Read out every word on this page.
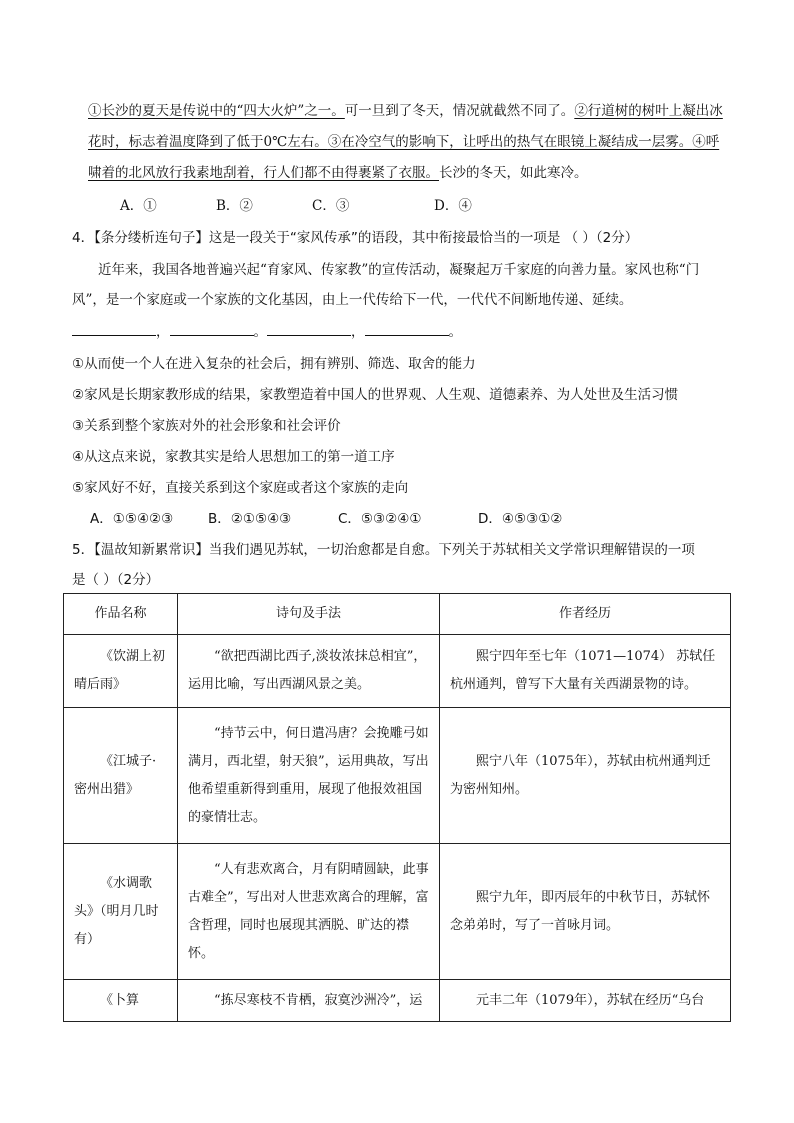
①长沙的夏天是传说中的“四大火炉”之一。可一旦到了冬天，情况就截然不同了。②行道树的树叶上凝出冰花时，标志着温度降到了低于0℃左右。③在冷空气的影响下，让呼出的热气在眼镜上凝结成一层雾。④呼啸着的北风放行我素地刮着，行人们都不由得裹紧了衣服。长沙的冬天，如此寒冷。
A．①	B．②	C．③	D．④
4．【条分缕析连句子】这是一段关于“家风传承”的语段，其中衔接最恰当的一项是 （ ）（2分）
近年来，我国各地普遍兴起“育家风、传家教”的宣传活动，凝聚起万千家庭的向善力量。家风也称“门
风”，是一个家庭或一个家族的文化基因，由上一代传给下一代，一代代不间断地传递、延续。
，	。	，	。
①从而使一个人在进入复杂的社会后，拥有辨别、筛选、取舍的能力
②家风是长期家教形成的结果，家教塑造着中国人的世界观、人生观、道德素养、为人处世及生活习惯
③关系到整个家族对外的社会形象和社会评价
④从这点来说，家教其实是给人思想加工的第一道工序
⑤家风好不好，直接关系到这个家庭或者这个家族的走向
A．①⑤④②③	B．②①⑤④③	C．⑤③②④①	D．④⑤③①②
5．【温故知新累常识】当我们遇见苏轼，一切治愈都是自愈。下列关于苏轼相关文学常识理解错误的一项
是（ ）（2分）
作品名称	诗句及手法	作者经历

《饮湖上初晴后雨》	“欲把西湖比西子,淡妆浓抹总相宜”，运用比喻，写出西湖风景之美。	熙宁四年至七年（1071—1074） 苏轼任杭州通判，曾写下大量有关西湖景物的诗。

《江城子·密州出猎》	“持节云中，何日遣冯唐？会挽雕弓如满月，西北望，射天狼”，运用典故，写出他希望重新得到重用，展现了他报效祖国的豪情壮志。	熙宁八年（1075年），苏轼由杭州通判迁为密州知州。

《水调歌头》（明月几时有）	“人有悲欢离合，月有阴晴圆缺，此事古难全”，写出对人世悲欢离合的理解，富含哲理，同时也展现其洒脱、旷达的襟怀。	熙宁九年，即丙辰年的中秋节日，苏轼怀念弟弟时，写了一首咏月词。

《卜算	“拣尽寒枝不肯栖，寂寞沙洲冷”，运	元丰二年（1079年），苏轼在经历“乌台
